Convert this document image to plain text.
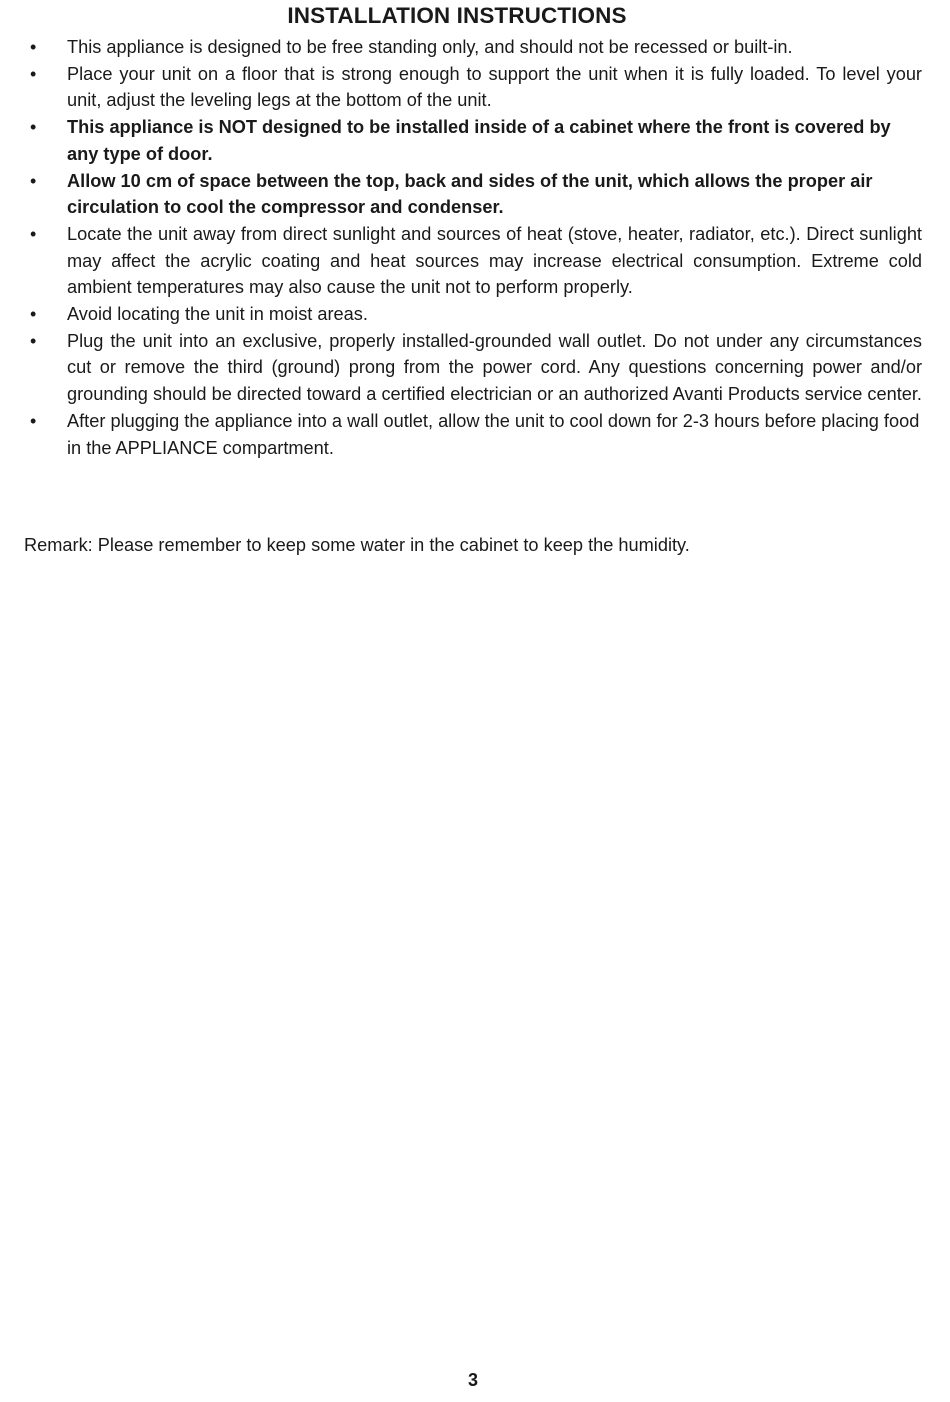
INSTALLATION INSTRUCTIONS
• This appliance is designed to be free standing only, and should not be recessed or built-in.
• Place your unit on a floor that is strong enough to support the unit when it is fully loaded. To level your unit, adjust the leveling legs at the bottom of the unit.
• This appliance is NOT designed to be installed inside of a cabinet where the front is covered by any type of door.
• Allow 10 cm of space between the top, back and sides of the unit, which allows the proper air circulation to cool the compressor and condenser.
• Locate the unit away from direct sunlight and sources of heat (stove, heater, radiator, etc.). Direct sunlight may affect the acrylic coating and heat sources may increase electrical consumption. Extreme cold ambient temperatures may also cause the unit not to perform properly.
• Avoid locating the unit in moist areas.
• Plug the unit into an exclusive, properly installed-grounded wall outlet. Do not under any circumstances cut or remove the third (ground) prong from the power cord. Any questions concerning power and/or grounding should be directed toward a certified electrician or an authorized Avanti Products service center.
• After plugging the appliance into a wall outlet, allow the unit to cool down for 2-3 hours before placing food in the APPLIANCE compartment.
Remark: Please remember to keep some water in the cabinet to keep the humidity.
3
